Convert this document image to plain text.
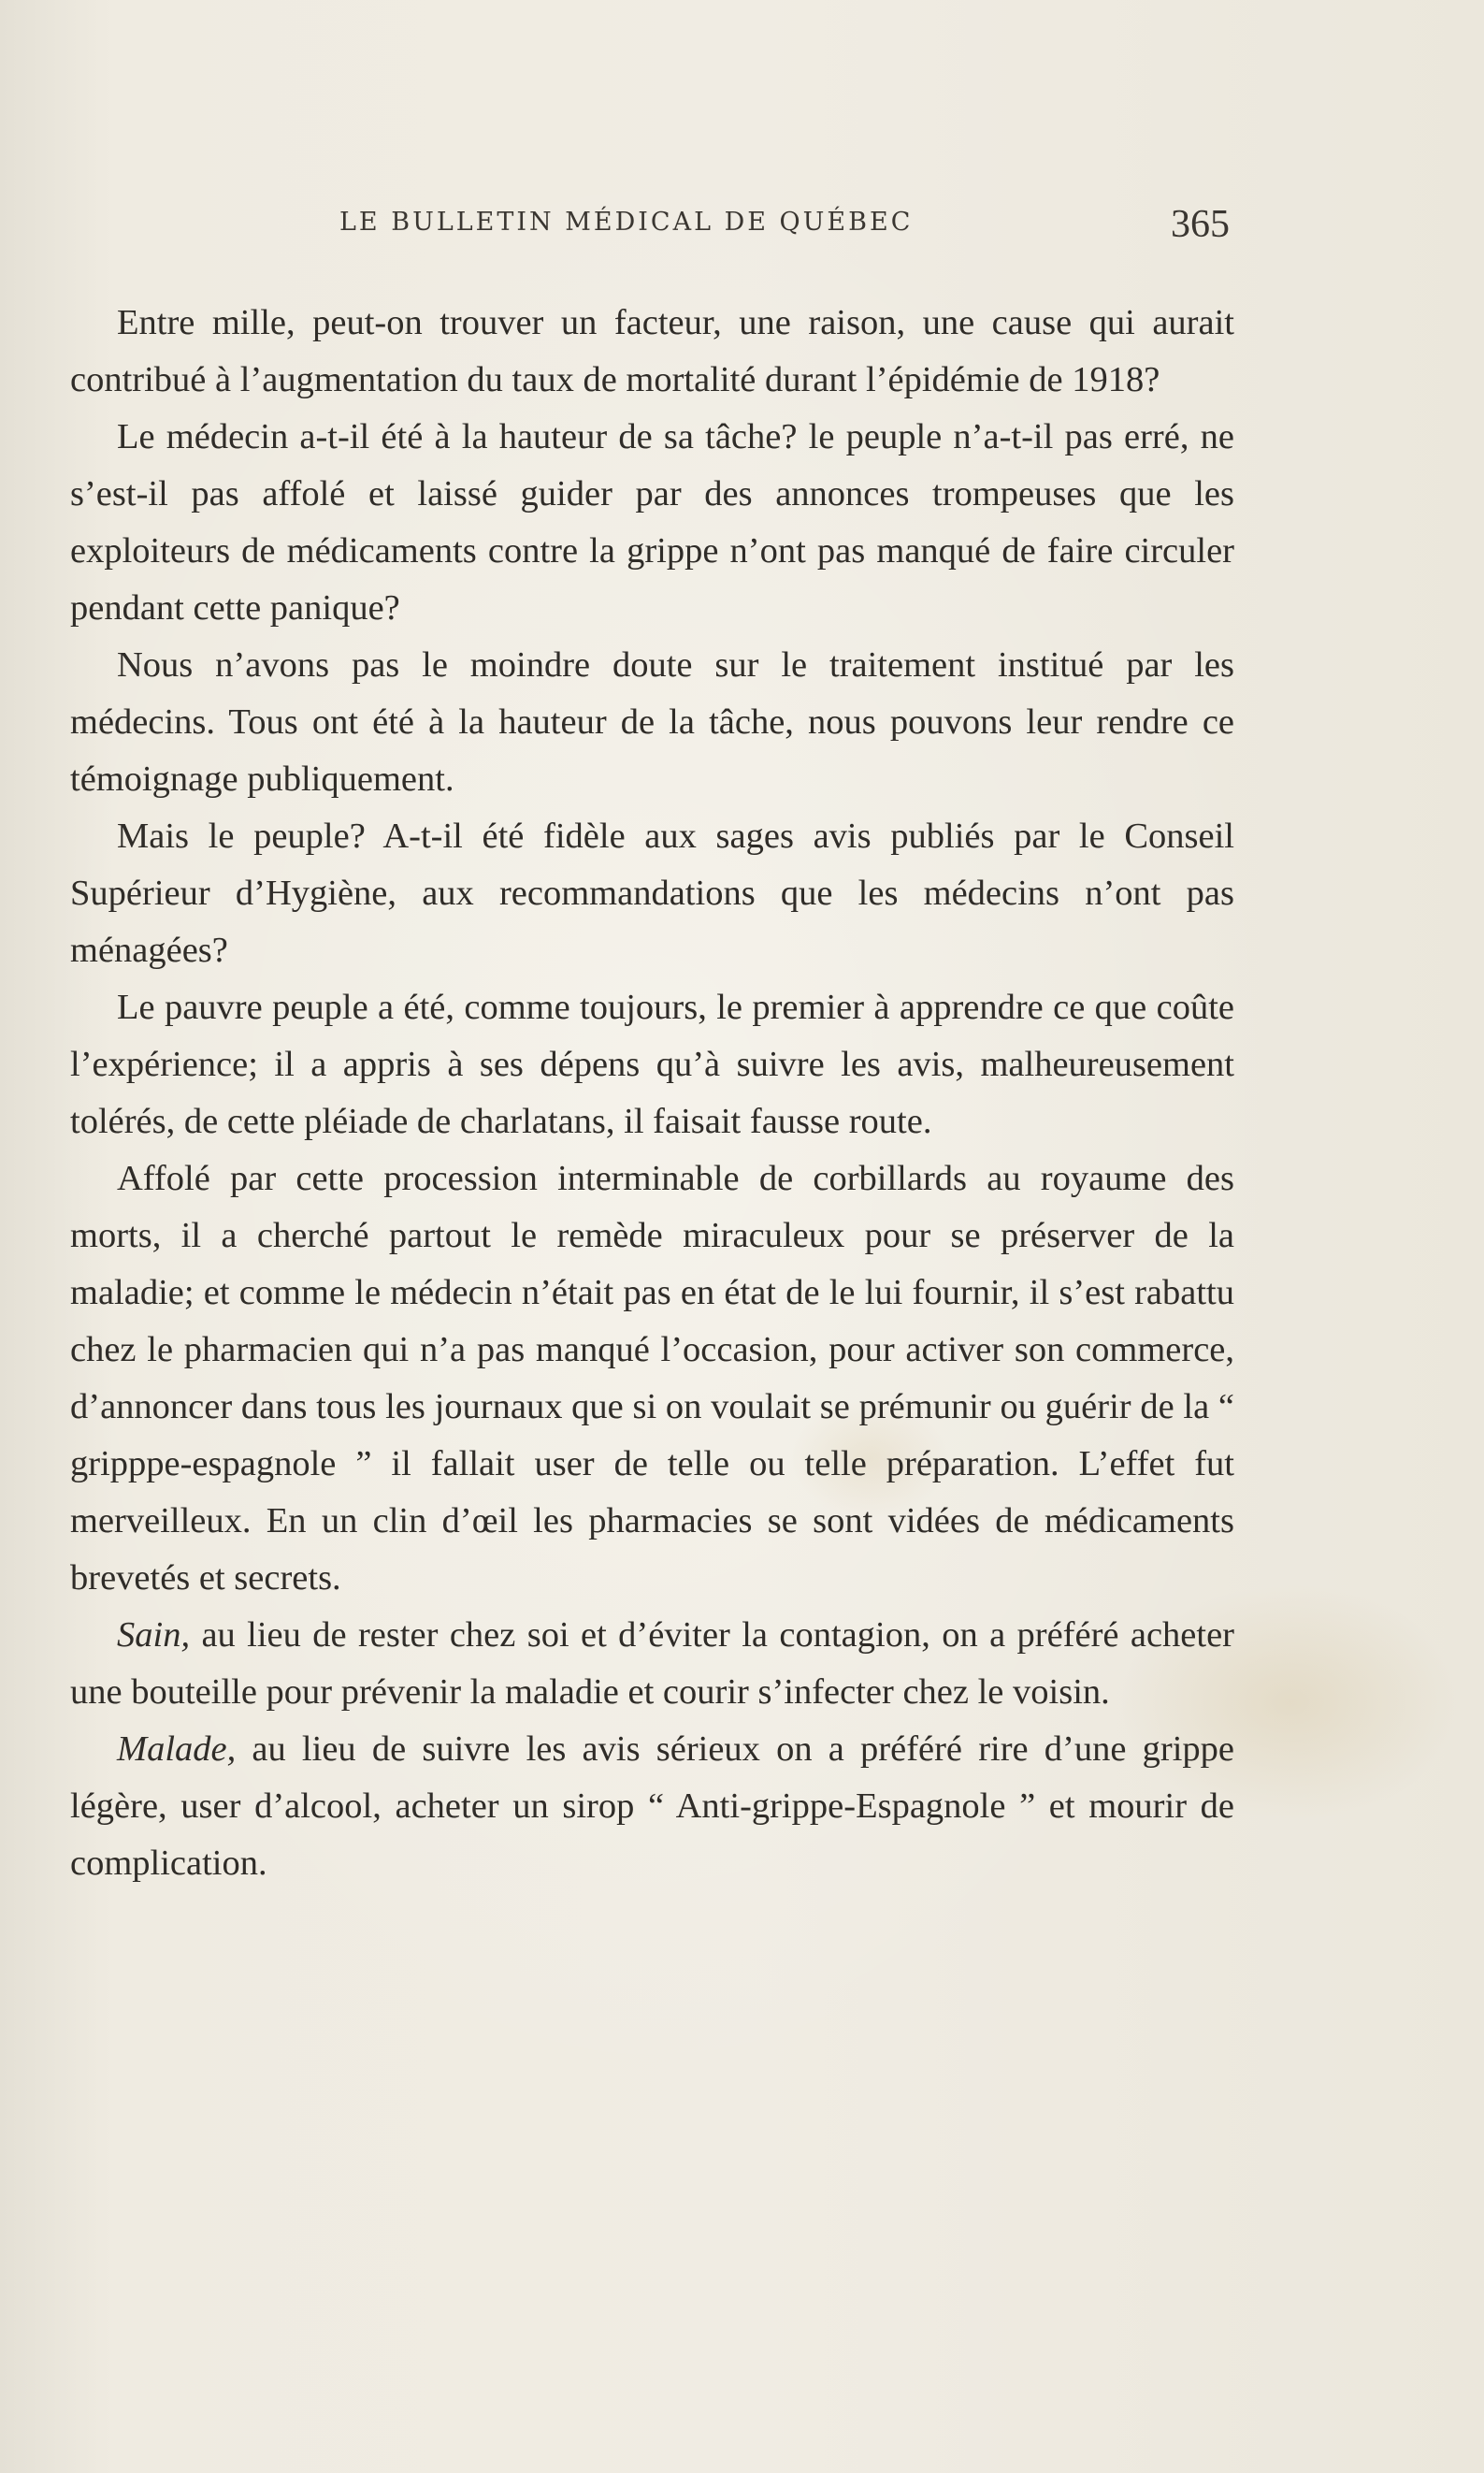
LE BULLETIN MÉDICAL DE QUÉBEC	365

Entre mille, peut-on trouver un facteur, une raison, une cause qui aurait contribué à l’augmentation du taux de mortalité durant l’épidémie de 1918?

Le médecin a-t-il été à la hauteur de sa tâche? le peuple n’a-t-il pas erré, ne s’est-il pas affolé et laissé guider par des annonces trompeuses que les exploiteurs de médicaments contre la grippe n’ont pas manqué de faire circuler pendant cette panique?

Nous n’avons pas le moindre doute sur le traitement institué par les médecins. Tous ont été à la hauteur de la tâche, nous pouvons leur rendre ce témoignage publiquement.

Mais le peuple? A-t-il été fidèle aux sages avis publiés par le Conseil Supérieur d’Hygiène, aux recommandations que les médecins n’ont pas ménagées?

Le pauvre peuple a été, comme toujours, le premier à apprendre ce que coûte l’expérience; il a appris à ses dépens qu’à suivre les avis, malheureusement tolérés, de cette pléiade de charlatans, il faisait fausse route.

Affolé par cette procession interminable de corbillards au royaume des morts, il a cherché partout le remède miraculeux pour se préserver de la maladie; et comme le médecin n’était pas en état de le lui fournir, il s’est rabattu chez le pharmacien qui n’a pas manqué l’occasion, pour activer son commerce, d’annoncer dans tous les journaux que si on voulait se prémunir ou guérir de la “ gripppe-espagnole ” il fallait user de telle ou telle préparation. L’effet fut merveilleux. En un clin d’œil les pharmacies se sont vidées de médicaments brevetés et secrets.

Sain, au lieu de rester chez soi et d’éviter la contagion, on a préféré acheter une bouteille pour prévenir la maladie et courir s’infecter chez le voisin.

Malade, au lieu de suivre les avis sérieux on a préféré rire d’une grippe légère, user d’alcool, acheter un sirop “ Anti-grippe-Espagnole ” et mourir de complication.
